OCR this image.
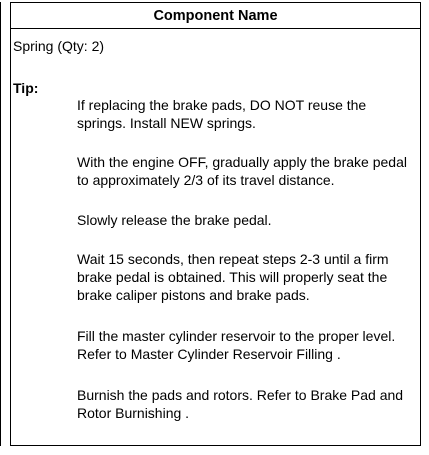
Component Name
Spring (Qty: 2)
Tip:
If replacing the brake pads, DO NOT reuse the springs. Install NEW springs.
With the engine OFF, gradually apply the brake pedal to approximately 2/3 of its travel distance.
Slowly release the brake pedal.
Wait 15 seconds, then repeat steps 2-3 until a firm brake pedal is obtained. This will properly seat the brake caliper pistons and brake pads.
Fill the master cylinder reservoir to the proper level. Refer to Master Cylinder Reservoir Filling .
Burnish the pads and rotors. Refer to Brake Pad and Rotor Burnishing .
